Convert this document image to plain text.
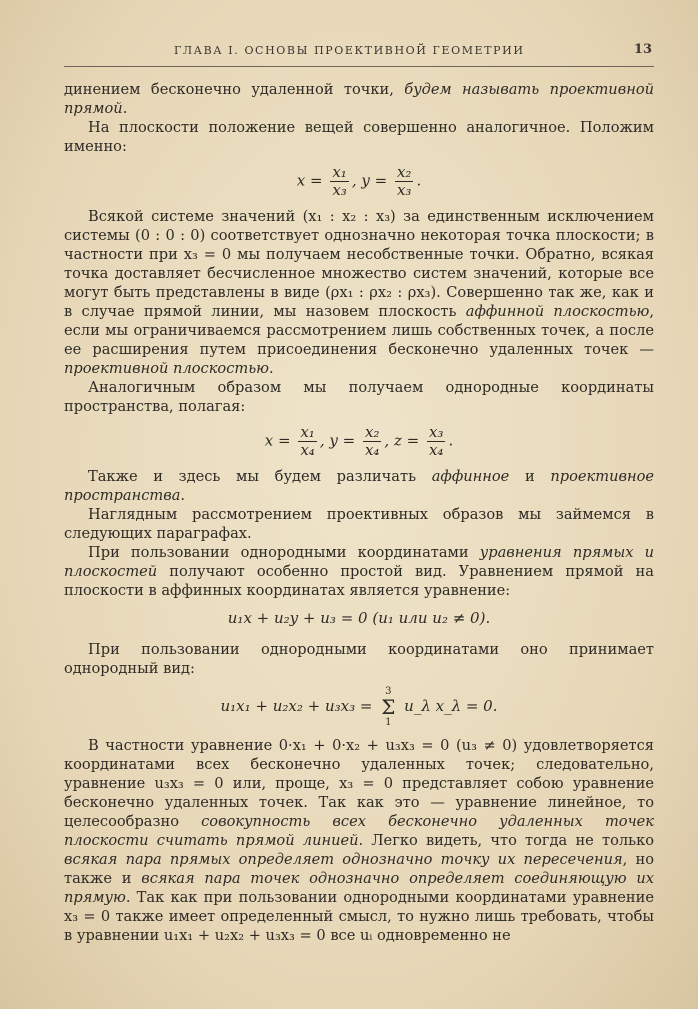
ГЛАВА I. ОСНОВЫ ПРОЕКТИВНОЙ ГЕОМЕТРИИ	13

динением бесконечно удаленной точки, будем называть проективной прямой.

На плоскости положение вещей совершенно аналогичное. Положим именно:

$x = \frac{\text{x₁}}{\text{x₃}}$ , $y = \frac{\text{x₂}}{\text{x₃}}$ .

Всякой системе значений (x₁ : x₂ : x₃) за единственным исключением системы (0 : 0 : 0) соответствует однозначно некоторая точка плоскости; в частности при x₃ = 0 мы получаем несобственные точки. Обратно, всякая точка доставляет бесчисленное множество систем значений, которые все могут быть представлены в виде (ρx₁ : ρx₂ : ρx₃). Совершенно так же, как и в случае прямой линии, мы назовем плоскость аффинной плоскостью, если мы ограничиваемся рассмотрением лишь собственных точек, а после ее расширения путем присоединения бесконечно удаленных точек — проективной плоскостью.

Аналогичным образом мы получаем однородные координаты пространства, полагая:

$x = \frac{\text{x₁}}{\text{x₄}}$ , $y = \frac{\text{x₂}}{\text{x₄}}$ , $z = \frac{\text{x₃}}{\text{x₄}}$ .

Также и здесь мы будем различать аффинное и проективное пространства.

Наглядным рассмотрением проективных образов мы займемся в следующих параграфах.

При пользовании однородными координатами уравнения прямых и плоскостей получают особенно простой вид. Уравнением прямой на плоскости в аффинных координатах является уравнение:

u₁x + u₂y + u₃ = 0 (u₁ или u₂ ≠ 0).

При пользовании однородными координатами оно принимает однородный вид:

u₁x₁ + u₂x₂ + u₃x₃ =
3
Σ
1
u_λ x_λ = 0.

В частности уравнение 0·x₁ + 0·x₂ + u₃x₃ = 0 (u₃ ≠ 0) удовлетворяется координатами всех бесконечно удаленных точек; следовательно, уравнение u₃x₃ = 0 или, проще, x₃ = 0 представляет собою уравнение бесконечно удаленных точек. Так как это — уравнение линейное, то целесообразно совокупность всех бесконечно удаленных точек плоскости считать прямой линией. Легко видеть, что тогда не только всякая пара прямых определяет однозначно точку их пересечения, но также и всякая пара точек однозначно определяет соединяющую их прямую. Так как при пользовании однородными координатами уравнение x₃ = 0 также имеет определенный смысл, то нужно лишь требовать, чтобы в уравнении u₁x₁ + u₂x₂ + u₃x₃ = 0 все uᵢ одновременно не
